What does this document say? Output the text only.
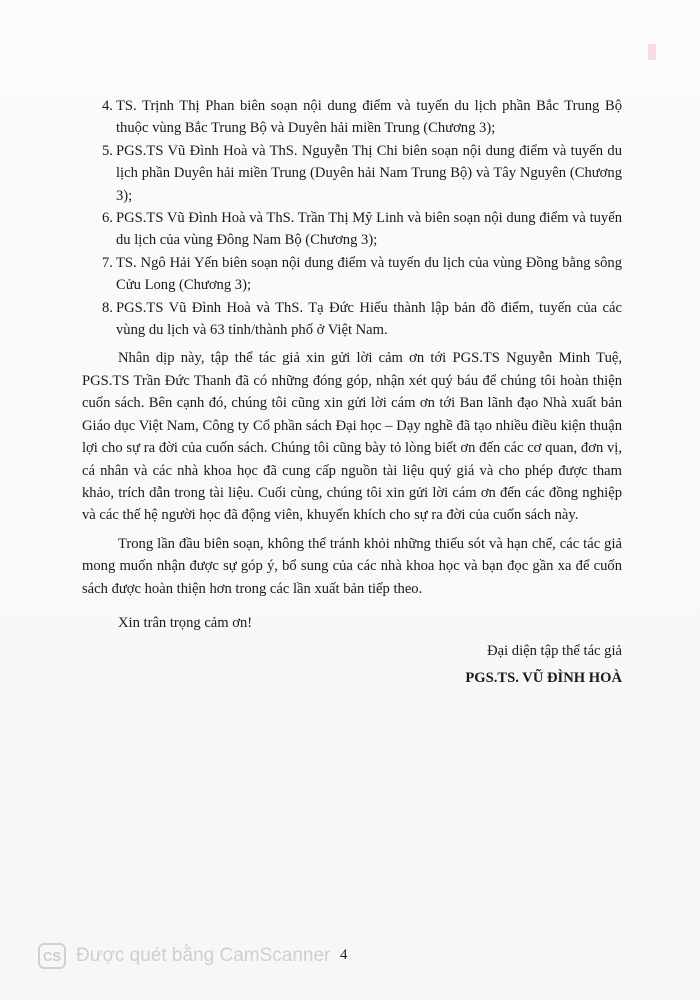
4. TS. Trịnh Thị Phan biên soạn nội dung điểm và tuyến du lịch phần Bắc Trung Bộ thuộc vùng Bắc Trung Bộ và Duyên hải miền Trung (Chương 3);
5. PGS.TS Vũ Đình Hoà và ThS. Nguyễn Thị Chi biên soạn nội dung điểm và tuyến du lịch phần Duyên hải miền Trung (Duyên hải Nam Trung Bộ) và Tây Nguyên (Chương 3);
6. PGS.TS Vũ Đình Hoà và ThS. Trần Thị Mỹ Linh và biên soạn nội dung điểm và tuyến du lịch của vùng Đông Nam Bộ (Chương 3);
7. TS. Ngô Hải Yến biên soạn nội dung điểm và tuyến du lịch của vùng Đồng bằng sông Cửu Long (Chương 3);
8. PGS.TS Vũ Đình Hoà và ThS. Tạ Đức Hiếu thành lập bản đồ điểm, tuyến của các vùng du lịch và 63 tỉnh/thành phố ở Việt Nam.

Nhân dịp này, tập thể tác giả xin gửi lời cảm ơn tới PGS.TS Nguyễn Minh Tuệ, PGS.TS Trần Đức Thanh đã có những đóng góp, nhận xét quý báu để chúng tôi hoàn thiện cuốn sách. Bên cạnh đó, chúng tôi cũng xin gửi lời cám ơn tới Ban lãnh đạo Nhà xuất bản Giáo dục Việt Nam, Công ty Cổ phần sách Đại học – Dạy nghề đã tạo nhiều điều kiện thuận lợi cho sự ra đời của cuốn sách. Chúng tôi cũng bày tỏ lòng biết ơn đến các cơ quan, đơn vị, cá nhân và các nhà khoa học đã cung cấp nguồn tài liệu quý giá và cho phép được tham khảo, trích dẫn trong tài liệu. Cuối cùng, chúng tôi xin gửi lời cám ơn đến các đồng nghiệp và các thế hệ người học đã động viên, khuyến khích cho sự ra đời của cuốn sách này.

Trong lần đầu biên soạn, không thể tránh khỏi những thiếu sót và hạn chế, các tác giả mong muốn nhận được sự góp ý, bổ sung của các nhà khoa học và bạn đọc gần xa để cuốn sách được hoàn thiện hơn trong các lần xuất bản tiếp theo.

Xin trân trọng cảm ơn!

Đại diện tập thể tác giả
PGS.TS. VŨ ĐÌNH HOÀ
CS Được quét bằng CamScanner 4
